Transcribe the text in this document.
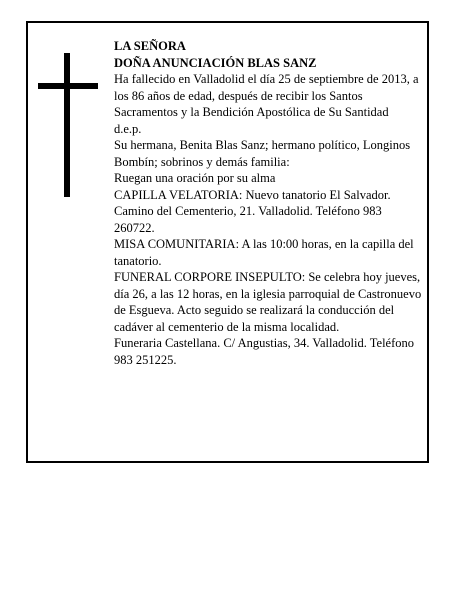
LA SEÑORA

DOÑA ANUNCIACIÓN BLAS SANZ

Ha fallecido en Valladolid el día 25 de septiembre de 2013, a los 86 años de edad, después de recibir los Santos Sacramentos y la Bendición Apostólica de Su Santidad

d.e.p.

Su hermana, Benita Blas Sanz; hermano político, Longinos Bombín; sobrinos y demás familia:

Ruegan una oración por su alma

CAPILLA VELATORIA: Nuevo tanatorio El Salvador. Camino del Cementerio, 21. Valladolid. Teléfono 983 260722.

MISA COMUNITARIA: A las 10:00 horas, en la capilla del tanatorio.

FUNERAL CORPORE INSEPULTO: Se celebra hoy jueves, día 26, a las 12 horas, en la iglesia parroquial de Castronuevo de Esgueva. Acto seguido se realizará la conducción del cadáver al cementerio de la misma localidad.

Funeraria Castellana. C/ Angustias, 34. Valladolid. Teléfono 983 251225.
